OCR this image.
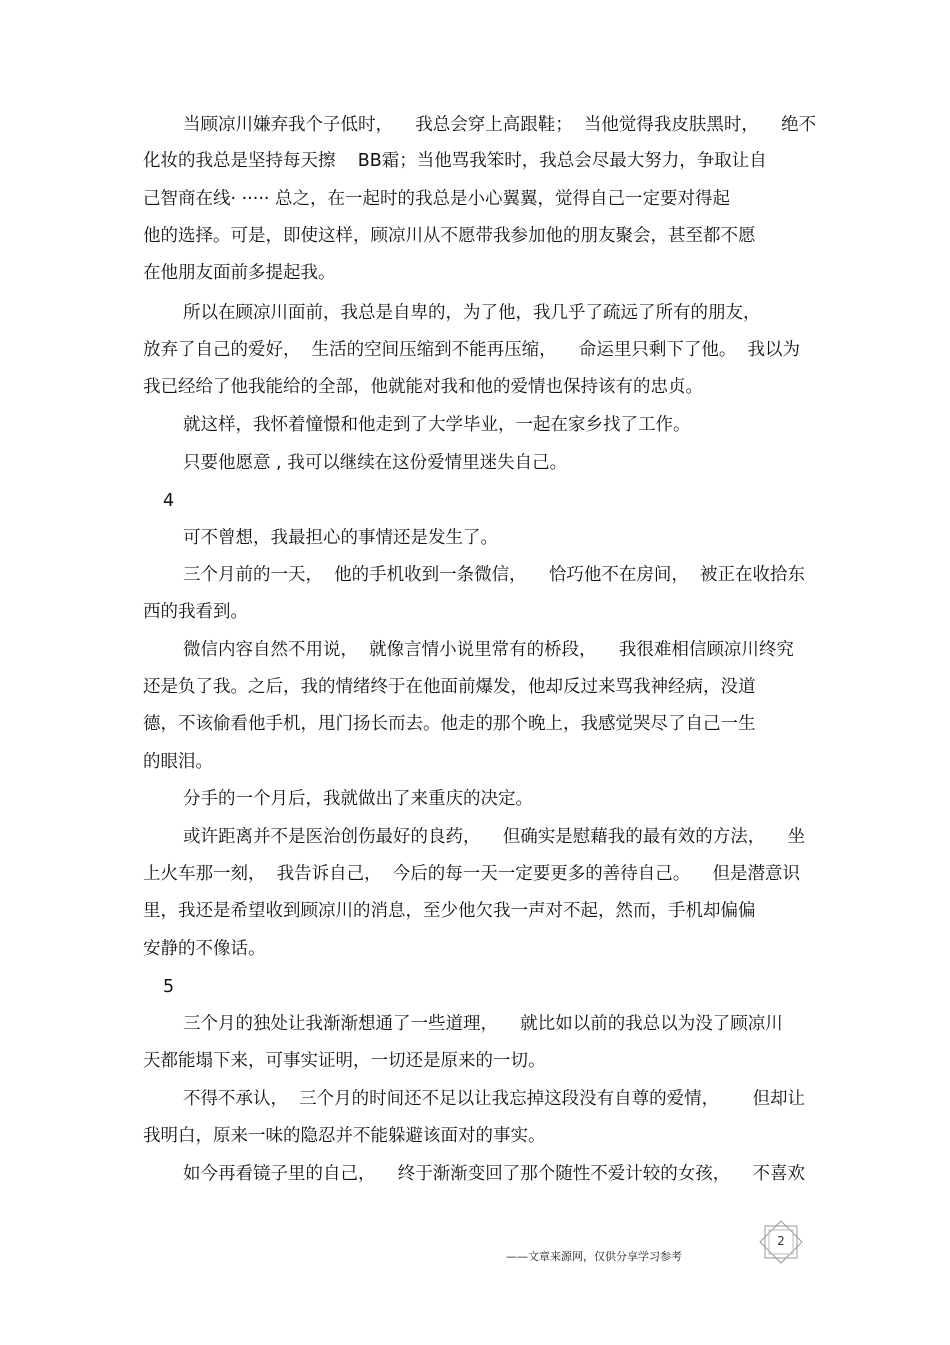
当顾凉川嫌弃我个子低时，    我总会穿上高跟鞋；  当他觉得我皮肤黑时，    绝不
化妆的我总是坚持每天擦    BB霜；当他骂我笨时，我总会尽最大努力，争取让自
己智商在线· ····· 总之，在一起时的我总是小心翼翼，觉得自己一定要对得起
他的选择。可是，即使这样，顾凉川从不愿带我参加他的朋友聚会，甚至都不愿
在他朋友面前多提起我。
所以在顾凉川面前，我总是自卑的，为了他，我几乎了疏远了所有的朋友，
放弃了自己的爱好，  生活的空间压缩到不能再压缩，    命运里只剩下了他。  我以为
我已经给了他我能给的全部，他就能对我和他的爱情也保持该有的忠贞。
就这样，我怀着憧憬和他走到了大学毕业，一起在家乡找了工作。
只要他愿意 , 我可以继续在这份爱情里迷失自己。
4
可不曾想，我最担心的事情还是发生了。
三个月前的一天，  他的手机收到一条微信，    恰巧他不在房间，  被正在收拾东
西的我看到。
微信内容自然不用说，  就像言情小说里常有的桥段，    我很难相信顾凉川终究
还是负了我。之后，我的情绪终于在他面前爆发，他却反过来骂我神经病，没道
德，不该偷看他手机，甩门扬长而去。他走的那个晚上，我感觉哭尽了自己一生
的眼泪。
分手的一个月后，我就做出了来重庆的决定。
或许距离并不是医治创伤最好的良药，    但确实是慰藉我的最有效的方法，    坐
上火车那一刻，  我告诉自己，  今后的每一天一定要更多的善待自己。    但是潜意识
里，我还是希望收到顾凉川的消息，至少他欠我一声对不起，然而，手机却偏偏
安静的不像话。
5
三个月的独处让我渐渐想通了一些道理，    就比如以前的我总以为没了顾凉川
天都能塌下来，可事实证明，一切还是原来的一切。
不得不承认，  三个月的时间还不足以让我忘掉这段没有自尊的爱情，      但却让
我明白，原来一味的隐忍并不能躲避该面对的事实。
如今再看镜子里的自己，    终于渐渐变回了那个随性不爱计较的女孩，    不喜欢
——文章来源网，仅供分享学习参考
2
